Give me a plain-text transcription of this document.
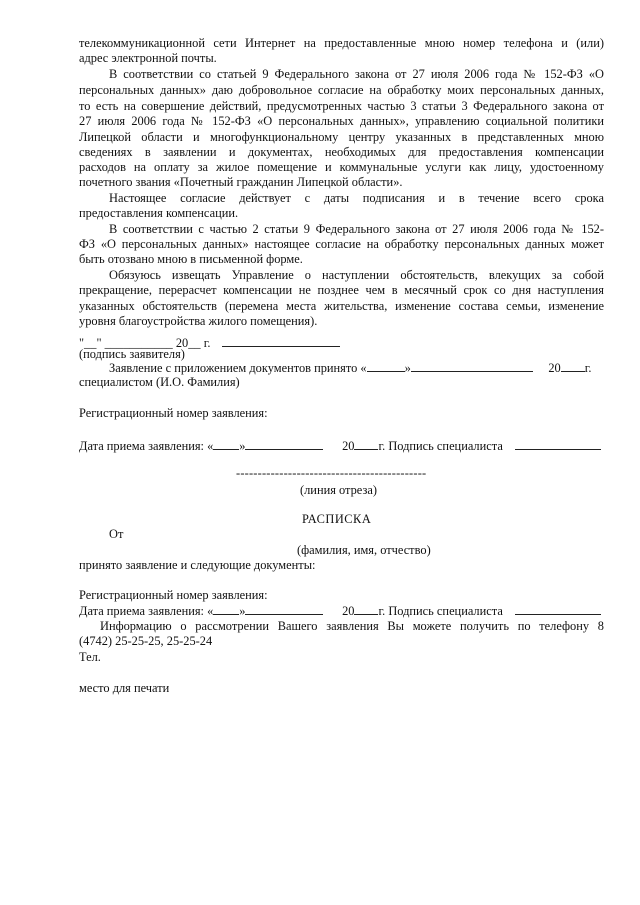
телекоммуникационной сети Интернет на предоставленные мною номер телефона и (или)
адрес электронной почты.
В соответствии со статьей 9 Федерального закона от 27 июля 2006 года № 152-ФЗ «О
персональных данных» даю добровольное согласие на обработку моих персональных данных,
то есть на совершение действий, предусмотренных частью 3 статьи 3 Федерального закона от
27 июля 2006 года № 152-ФЗ «О персональных данных», управлению социальной политики
Липецкой области и многофункциональному центру указанных в представленных мною
сведениях в заявлении и документах, необходимых для предоставления компенсации
расходов на оплату за жилое помещение и коммунальные услуги как лицу, удостоенному
почетного звания «Почетный гражданин Липецкой области».
Настоящее согласие действует с даты подписания и в течение всего срока
предоставления компенсации.
В соответствии с частью 2 статьи 9 Федерального закона от 27 июля 2006 года № 152-
ФЗ «О персональных данных» настоящее согласие на обработку персональных данных может
быть отозвано мною в письменной форме.
Обязуюсь извещать Управление о наступлении обстоятельств, влекущих за собой
прекращение, перерасчет компенсации не позднее чем в месячный срок со дня наступления
указанных обстоятельств (перемена места жительства, изменение состава семьи, изменение
уровня благоустройства жилого помещения).
"__" ___________ 20__ г.
(подпись заявителя)
Заявление с приложением документов принято «	»	20 г.
специалистом (И.О. Фамилия)
Регистрационный номер заявления:
Дата приема заявления: « »	20 г. Подпись специалиста
--------------------------------------------
(линия отреза)
РАСПИСКА
От
(фамилия, имя, отчество)
принято заявление и следующие документы:
Регистрационный номер заявления:
Дата приема заявления: « »	20 г. Подпись специалиста
Информацию о рассмотрении Вашего заявления Вы можете получить по телефону 8
(4742) 25-25-25, 25-25-24
Тел.
место для печати
